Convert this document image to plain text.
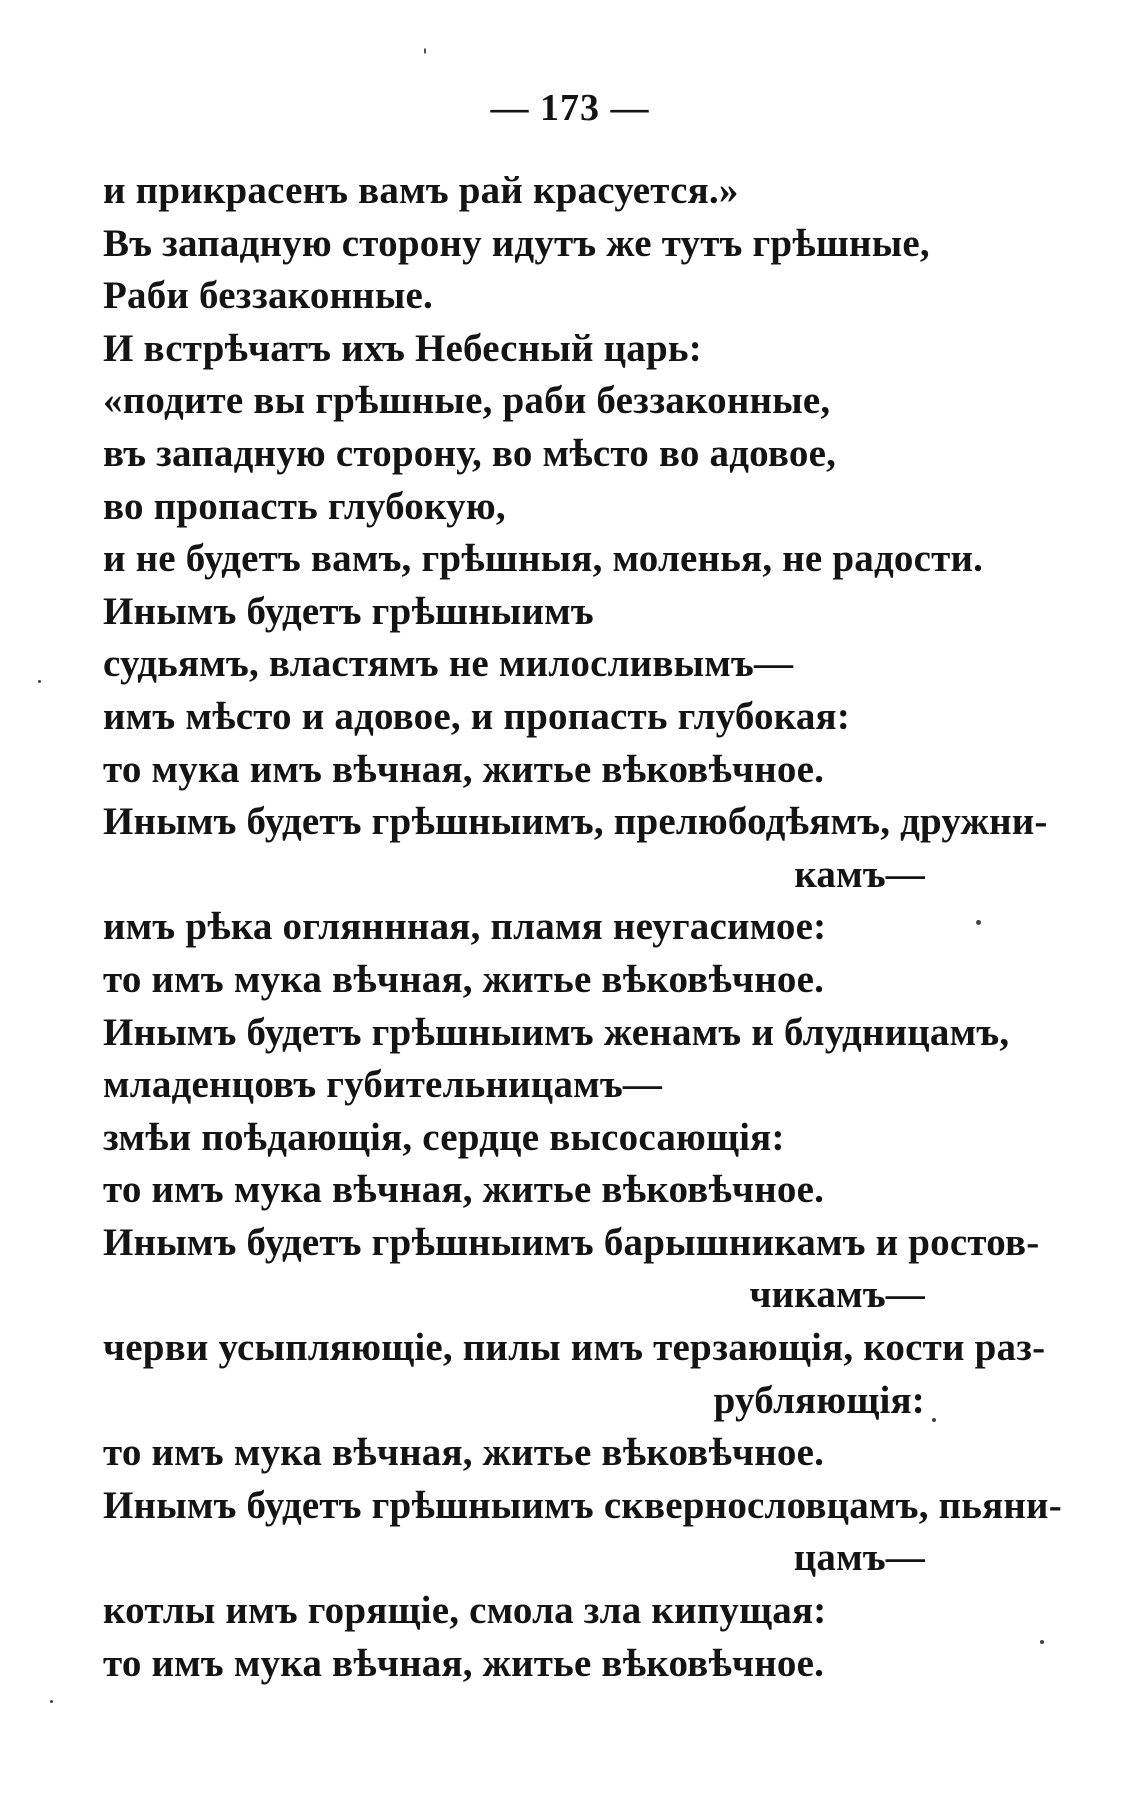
— 173 —
и прикрасенъ вамъ рай красуется.»
Въ западную сторону идутъ же тутъ грѣшные,
Раби беззаконные.
И встрѣчатъ ихъ Небесный царь:
«подите вы грѣшные, раби беззаконные,
въ западную сторону, во мѣсто во адовое,
во пропасть глубокую,
и не будетъ вамъ, грѣшныя, моленья, не радости.
Инымъ будетъ грѣшныимъ
судьямъ, властямъ не милосливымъ—
имъ мѣсто и адовое, и пропасть глубокая:
то мука имъ вѣчная, житье вѣковѣчное.
Инымъ будетъ грѣшныимъ, прелюбодѣямъ, дружни-
камъ—
имъ рѣка огляннная, пламя неугасимое:
то имъ мука вѣчная, житье вѣковѣчное.
Инымъ будетъ грѣшныимъ женамъ и блудницамъ,
младенцовъ губительницамъ—
змѣи поѣдающія, сердце высосающія:
то имъ мука вѣчная, житье вѣковѣчное.
Инымъ будетъ грѣшныимъ барышникамъ и ростов-
чикамъ—
черви усыпляющіе, пилы имъ терзающія, кости раз-
рубляющія:
то имъ мука вѣчная, житье вѣковѣчное.
Инымъ будетъ грѣшныимъ сквернословцамъ, пьяни-
цамъ—
котлы имъ горящіе, смола зла кипущая:
то имъ мука вѣчная, житье вѣковѣчное.
